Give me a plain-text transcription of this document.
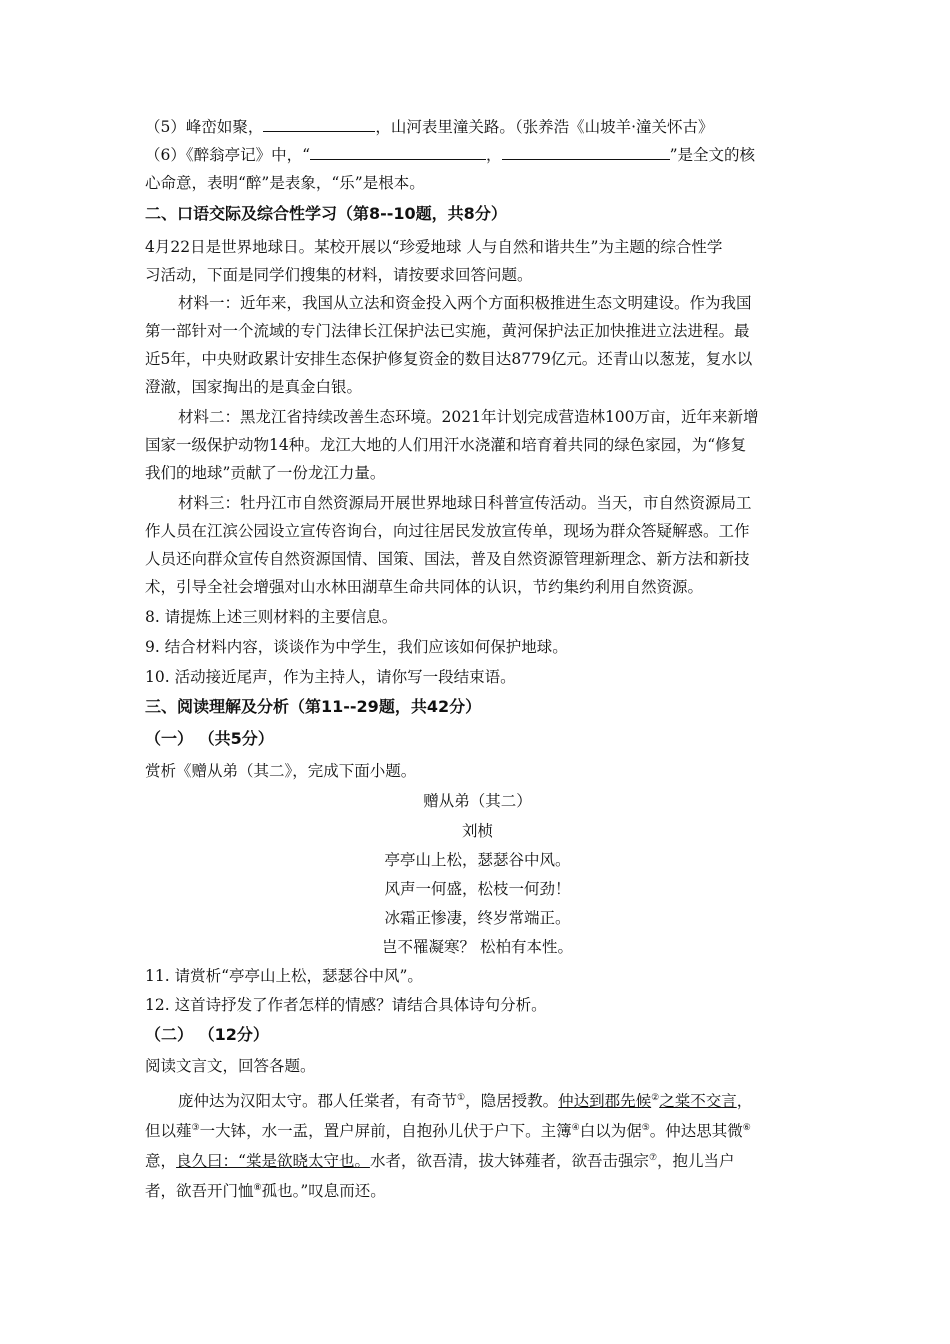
（5）峰峦如聚，	，山河表里潼关路。（张养浩《山坡羊·潼关怀古》
（6）《醉翁亭记》中，“	，	”是全文的核
心命意，表明“醉”是表象，“乐”是根本。
二、口语交际及综合性学习（第8--10题，共8分）
4月22日是世界地球日。某校开展以“珍爱地球 人与自然和谐共生”为主题的综合性学
习活动，下面是同学们搜集的材料，请按要求回答问题。
材料一：近年来，我国从立法和资金投入两个方面积极推进生态文明建设。作为我国
第一部针对一个流域的专门法律长江保护法已实施，黄河保护法正加快推进立法进程。最
近5年，中央财政累计安排生态保护修复资金的数目达8779亿元。还青山以葱茏，复水以
澄澈，国家掏出的是真金白银。
材料二：黑龙江省持续改善生态环境。2021年计划完成营造林100万亩，近年来新增
国家一级保护动物14种。龙江大地的人们用汗水浇灌和培育着共同的绿色家园，为“修复
我们的地球”贡献了一份龙江力量。
材料三：牡丹江市自然资源局开展世界地球日科普宣传活动。当天，市自然资源局工
作人员在江滨公园设立宣传咨询台，向过往居民发放宣传单，现场为群众答疑解惑。工作
人员还向群众宣传自然资源国情、国策、国法，普及自然资源管理新理念、新方法和新技
术，引导全社会增强对山水林田湖草生命共同体的认识，节约集约利用自然资源。
8. 请提炼上述三则材料的主要信息。
9. 结合材料内容，谈谈作为中学生，我们应该如何保护地球。
10. 活动接近尾声，作为主持人，请你写一段结束语。
三、阅读理解及分析（第11--29题，共42分）
（一） （共5分）
赏析《赠从弟（其二》，完成下面小题。
赠从弟（其二）
刘桢
亭亭山上松，瑟瑟谷中风。
风声一何盛，松枝一何劲！
冰霜正惨凄，终岁常端正。
岂不罹凝寒？ 松柏有本性。
11. 请赏析“亭亭山上松，瑟瑟谷中风”。
12. 这首诗抒发了作者怎样的情感？请结合具体诗句分析。
（二） （12分）
阅读文言文，回答各题。
庞仲达为汉阳太守。郡人任棠者，有奇节①，隐居授教。仲达到郡先候②之棠不交言，
但以薤③一大钵，水一盂，置户屏前，自抱孙儿伏于户下。主簿④白以为倨⑤。仲达思其微⑥
意，良久曰：“棠是欲晓太守也。水者，欲吾清，拔大钵薤者，欲吾击强宗⑦，抱儿当户
者，欲吾开门恤⑧孤也。”叹息而还。
